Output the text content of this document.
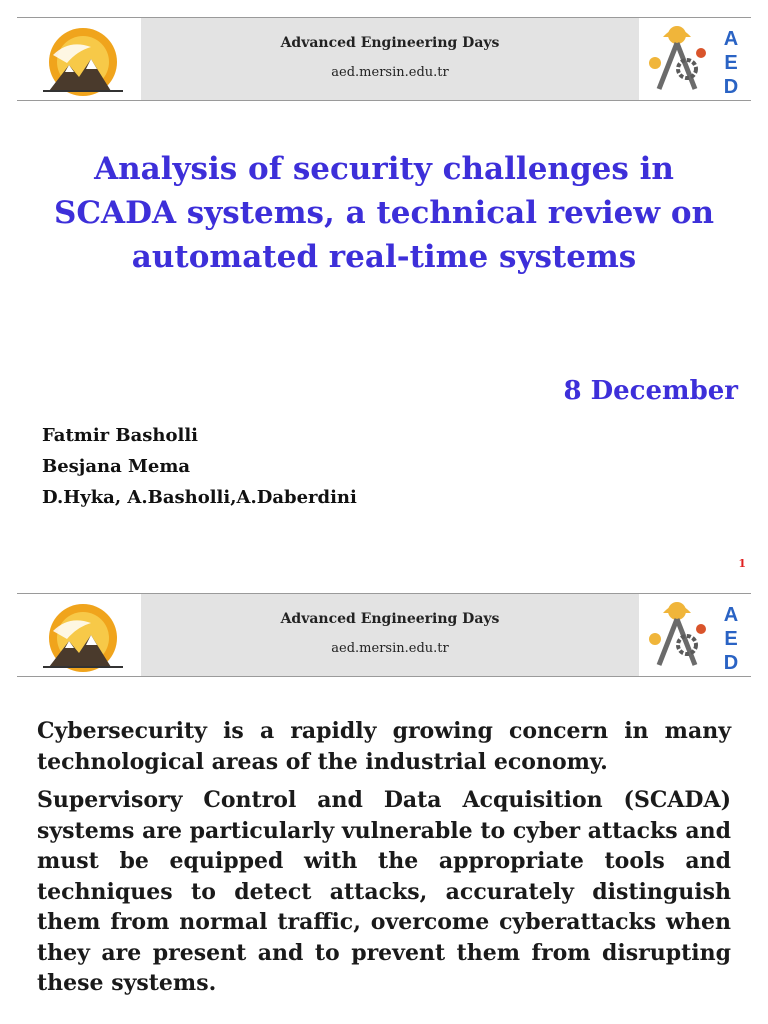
Advanced Engineering Days
aed.mersin.edu.tr
A
E
D
Analysis of security challenges in
SCADA systems, a technical review on
automated real-time systems
8 December
Fatmir Basholli
Besjana Mema
D.Hyka, A.Basholli,A.Daberdini
1
Advanced Engineering Days
aed.mersin.edu.tr
A
E
D

Cybersecurity is a rapidly growing concern in many technological areas of the industrial economy.

Supervisory Control and Data Acquisition (SCADA) systems are particularly vulnerable to cyber attacks and must be equipped with the appropriate tools and techniques to detect attacks, accurately distinguish them from normal traffic, overcome cyberattacks when they are present and to prevent them from disrupting these systems.
